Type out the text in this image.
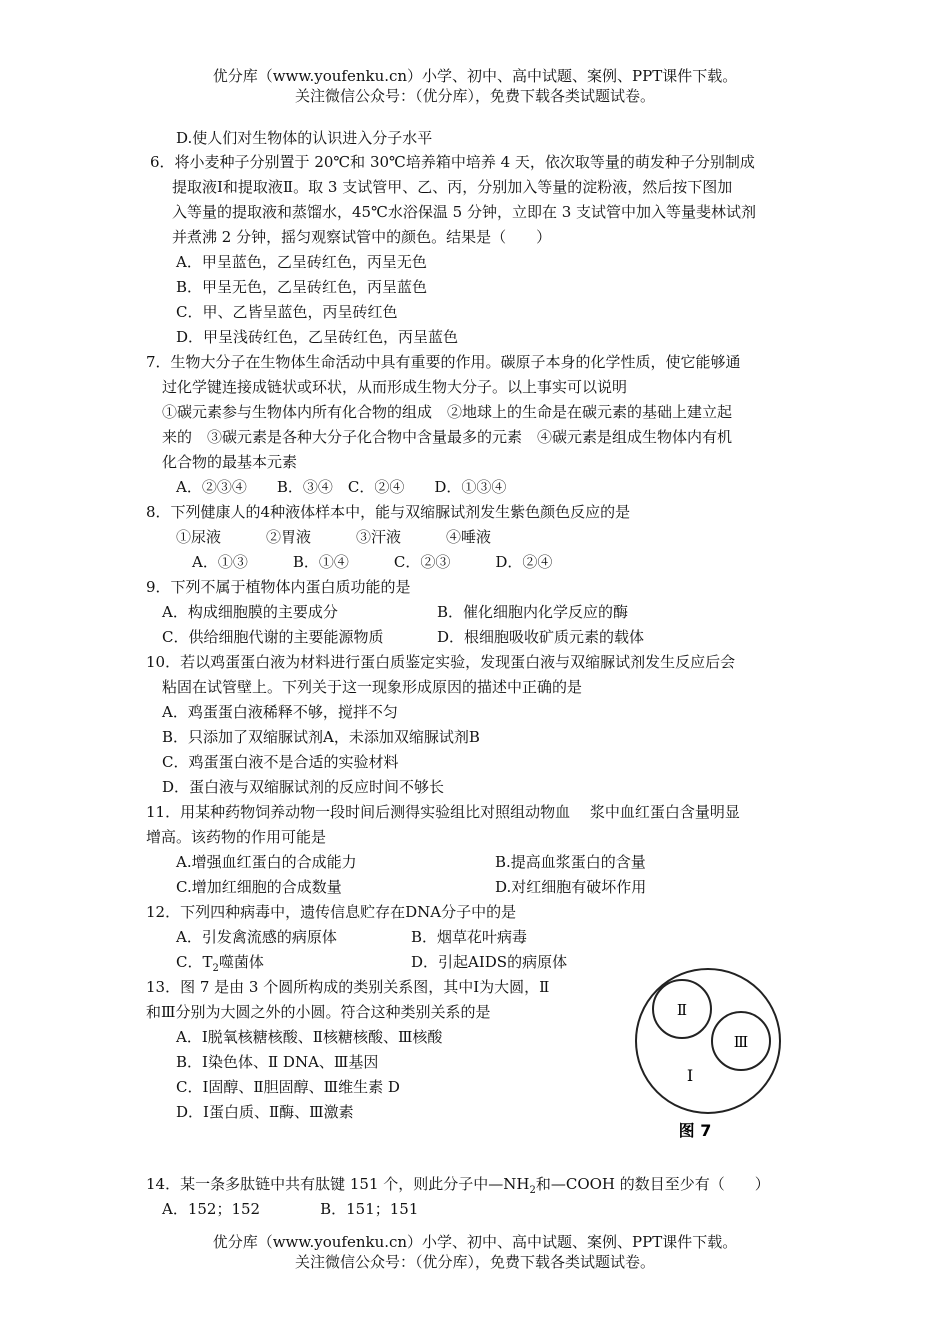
优分库（www.youfenku.cn）小学、初中、高中试题、案例、PPT课件下载。
关注微信公众号：（优分库），免费下载各类试题试卷。
D.使人们对生物体的认识进入分子水平
6．将小麦种子分别置于 20℃和 30℃培养箱中培养 4 天，依次取等量的萌发种子分别制成
提取液Ⅰ和提取液Ⅱ。取 3 支试管甲、乙、丙，分别加入等量的淀粉液，然后按下图加
入等量的提取液和蒸馏水，45℃水浴保温 5 分钟，立即在 3 支试管中加入等量斐林试剂
并煮沸 2 分钟，摇匀观察试管中的颜色。结果是（　　）
A．甲呈蓝色，乙呈砖红色，丙呈无色
B．甲呈无色，乙呈砖红色，丙呈蓝色
C．甲、乙皆呈蓝色，丙呈砖红色
D．甲呈浅砖红色，乙呈砖红色，丙呈蓝色
7．生物大分子在生物体生命活动中具有重要的作用。碳原子本身的化学性质，使它能够通
过化学键连接成链状或环状，从而形成生物大分子。以上事实可以说明
①碳元素参与生物体内所有化合物的组成　②地球上的生命是在碳元素的基础上建立起
来的　③碳元素是各种大分子化合物中含量最多的元素　④碳元素是组成生物体内有机
化合物的最基本元素
A．②③④　　B．③④　C．②④　　D．①③④
8．下列健康人的4种液体样本中，能与双缩脲试剂发生紫色颜色反应的是
①尿液　　　②胃液　　　③汗液　　　④唾液
A．①③　　　B．①④　　　C．②③　　　D．②④
9．下列不属于植物体内蛋白质功能的是
A．构成细胞膜的主要成分	B．催化细胞内化学反应的酶
C．供给细胞代谢的主要能源物质	D．根细胞吸收矿质元素的载体
10．若以鸡蛋蛋白液为材料进行蛋白质鉴定实验，发现蛋白液与双缩脲试剂发生反应后会
粘固在试管壁上。下列关于这一现象形成原因的描述中正确的是
A．鸡蛋蛋白液稀释不够，搅拌不匀
B．只添加了双缩脲试剂A，未添加双缩脲试剂B
C．鸡蛋蛋白液不是合适的实验材料
D．蛋白液与双缩脲试剂的反应时间不够长
11．用某种药物饲养动物一段时间后测得实验组比对照组动物血　 浆中血红蛋白含量明显
增高。该药物的作用可能是
A.增强血红蛋白的合成能力	B.提高血浆蛋白的含量
C.增加红细胞的合成数量	D.对红细胞有破坏作用
12．下列四种病毒中，遗传信息贮存在DNA分子中的是
A．引发禽流感的病原体	B．烟草花叶病毒
C．$T_2$噬菌体	D．引起AIDS的病原体
13．图 7 是由 3 个圆所构成的类别关系图，其中Ⅰ为大圆，Ⅱ
和Ⅲ分别为大圆之外的小圆。符合这种类别关系的是
A．Ⅰ脱氧核糖核酸、Ⅱ核糖核酸、Ⅲ核酸
B．Ⅰ染色体、Ⅱ DNA、Ⅲ基因
C．Ⅰ固醇、Ⅱ胆固醇、Ⅲ维生素 D
D．Ⅰ蛋白质、Ⅱ酶、Ⅲ激素
Ⅱ
Ⅲ
Ⅰ
图 7
14．某一条多肽链中共有肽键 151 个，则此分子中$—NH_2$和—COOH 的数目至少有（　　）
A．152；152　　　　B．151；151
优分库（www.youfenku.cn）小学、初中、高中试题、案例、PPT课件下载。
关注微信公众号：（优分库），免费下载各类试题试卷。
